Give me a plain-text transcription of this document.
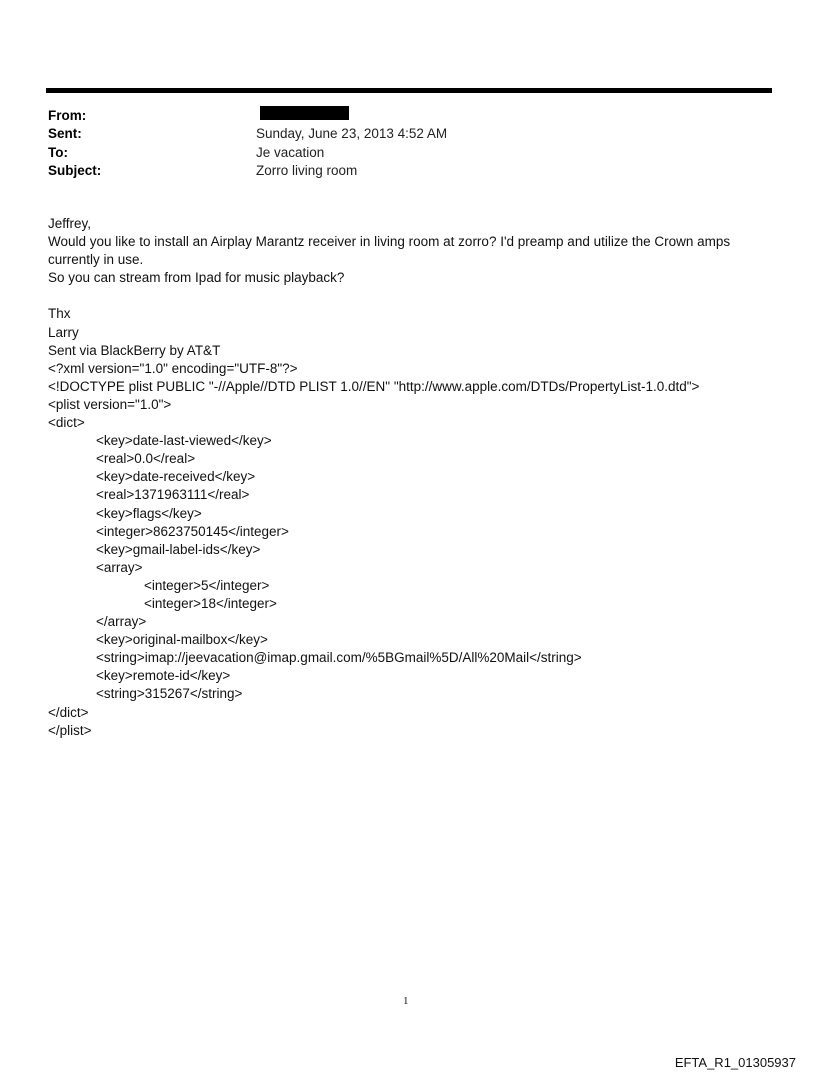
From:
Sent:	Sunday, June 23, 2013 4:52 AM
To:	Je vacation
Subject:	Zorro living room
Jeffrey,
Would you like to install an Airplay Marantz receiver in living room at zorro? I'd preamp and utilize the Crown amps
currently in use.
So you can stream from Ipad for music playback?
Thx
Larry
Sent via BlackBerry by AT&T
<?xml version="1.0" encoding="UTF-8"?>
<!DOCTYPE plist PUBLIC "-//Apple//DTD PLIST 1.0//EN" "http://www.apple.com/DTDs/PropertyList-1.0.dtd">
<plist version="1.0">
<dict>
<key>date-last-viewed</key>
<real>0.0</real>
<key>date-received</key>
<real>1371963111</real>
<key>flags</key>
<integer>8623750145</integer>
<key>gmail-label-ids</key>
<array>
<integer>5</integer>
<integer>18</integer>
</array>
<key>original-mailbox</key>
<string>imap://jeevacation@imap.gmail.com/%5BGmail%5D/All%20Mail</string>
<key>remote-id</key>
<string>315267</string>
</dict>
</plist>
1
EFTA_R1_01305937
